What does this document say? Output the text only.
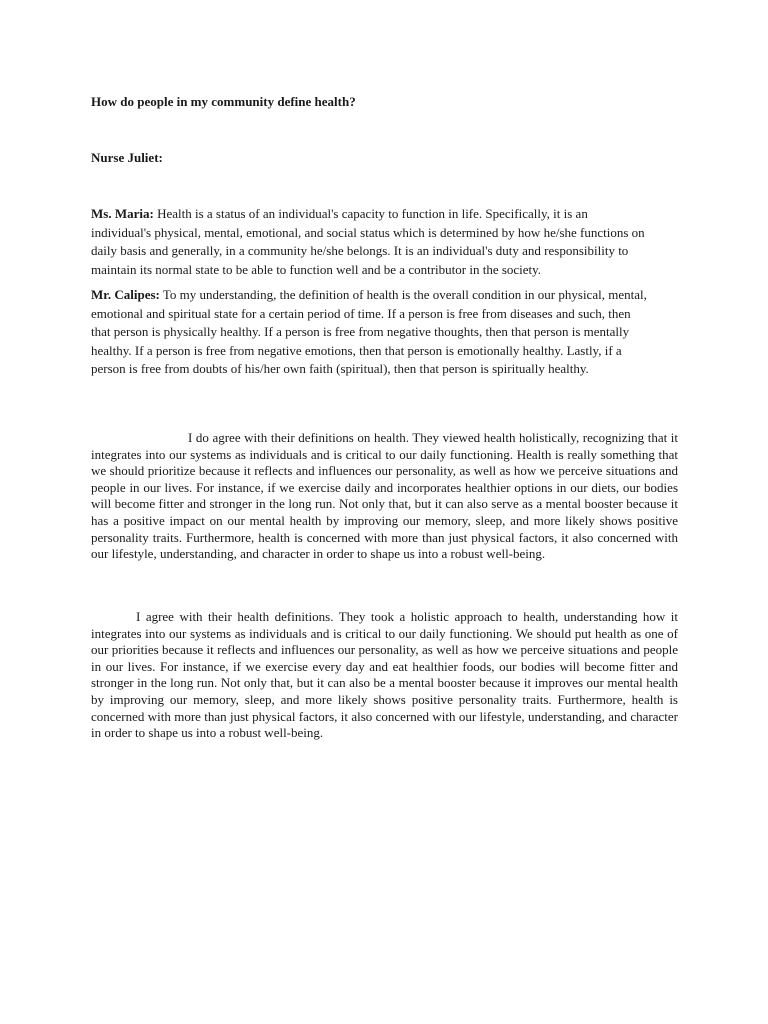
How do people in my community define health?
Nurse Juliet:
Ms. Maria: Health is a status of an individual's capacity to function in life. Specifically, it is an individual's physical, mental, emotional, and social status which is determined by how he/she functions on daily basis and generally, in a community he/she belongs. It is an individual's duty and responsibility to maintain its normal state to be able to function well and be a contributor in the society.
Mr. Calipes: To my understanding, the definition of health is the overall condition in our physical, mental, emotional and spiritual state for a certain period of time. If a person is free from diseases and such, then that person is physically healthy. If a person is free from negative thoughts, then that person is mentally healthy. If a person is free from negative emotions, then that person is emotionally healthy. Lastly, if a person is free from doubts of his/her own faith (spiritual), then that person is spiritually healthy.
I do agree with their definitions on health. They viewed health holistically, recognizing that it integrates into our systems as individuals and is critical to our daily functioning. Health is really something that we should prioritize because it reflects and influences our personality, as well as how we perceive situations and people in our lives. For instance, if we exercise daily and incorporates healthier options in our diets, our bodies will become fitter and stronger in the long run. Not only that, but it can also serve as a mental booster because it has a positive impact on our mental health by improving our memory, sleep, and more likely shows positive personality traits. Furthermore, health is concerned with more than just physical factors, it also concerned with our lifestyle, understanding, and character in order to shape us into a robust well-being.
I agree with their health definitions. They took a holistic approach to health, understanding how it integrates into our systems as individuals and is critical to our daily functioning. We should put health as one of our priorities because it reflects and influences our personality, as well as how we perceive situations and people in our lives. For instance, if we exercise every day and eat healthier foods, our bodies will become fitter and stronger in the long run. Not only that, but it can also be a mental booster because it improves our mental health by improving our memory, sleep, and more likely shows positive personality traits. Furthermore, health is concerned with more than just physical factors, it also concerned with our lifestyle, understanding, and character in order to shape us into a robust well-being.
